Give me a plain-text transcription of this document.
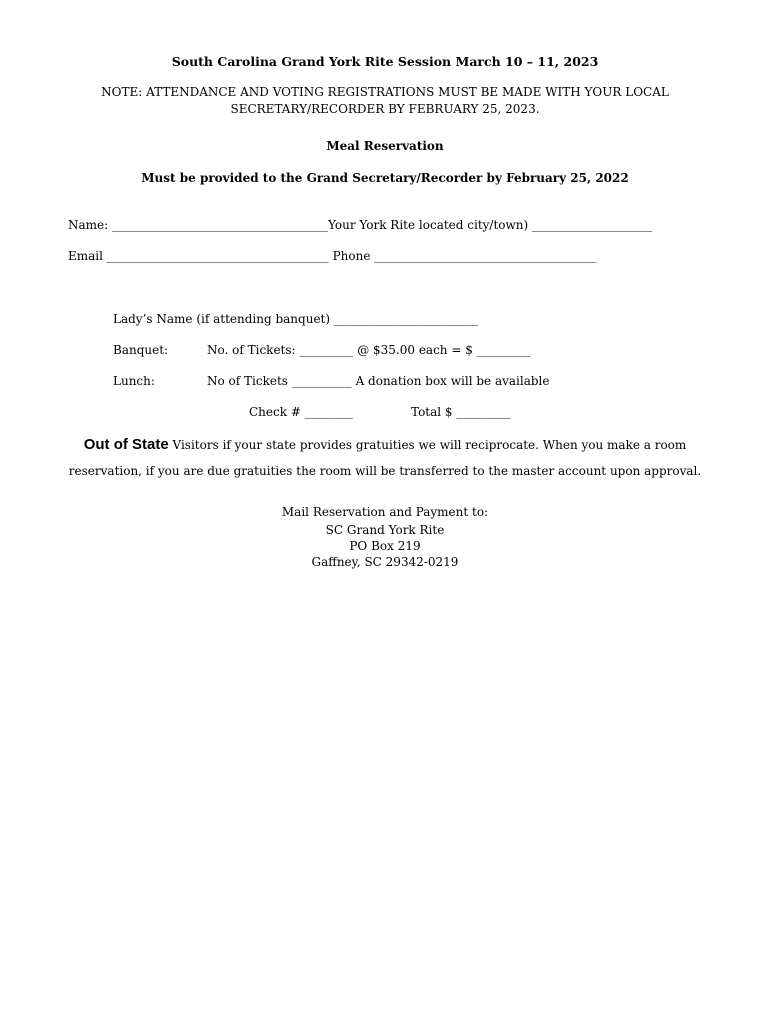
South Carolina Grand York Rite Session March 10 – 11, 2023
NOTE: ATTENDANCE AND VOTING REGISTRATIONS MUST BE MADE WITH YOUR LOCAL
SECRETARY/RECORDER BY FEBRUARY 25, 2023.
Meal Reservation
Must be provided to the Grand Secretary/Recorder by February 25, 2022
Name: ____________________________________Your York Rite located city/town) ____________________
Email _____________________________________ Phone _____________________________________
Lady’s Name (if attending banquet) ________________________
Banquet:	No. of Tickets: _________ @ $35.00 each = $ _________
Lunch:	No of Tickets __________ A donation box will be available
Check # ________	Total $ _________
Out of State Visitors if your state provides gratuities we will reciprocate. When you make a room
reservation, if you are due gratuities the room will be transferred to the master account upon approval.
Mail Reservation and Payment to:
SC Grand York Rite
PO Box 219
Gaffney, SC 29342-0219
